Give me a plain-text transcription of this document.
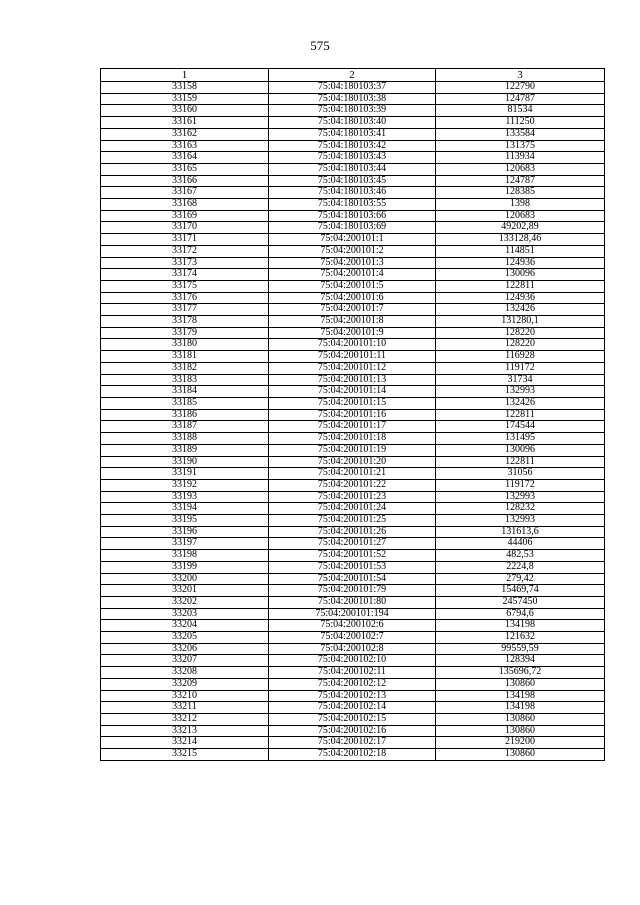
575
1	2	3
33158	75:04:180103:37	122790
33159	75:04:180103:38	124787
33160	75:04:180103:39	81534
33161	75:04:180103:40	111250
33162	75:04:180103:41	133584
33163	75:04:180103:42	131375
33164	75:04:180103:43	113934
33165	75:04:180103:44	120683
33166	75:04:180103:45	124787
33167	75:04:180103:46	128385
33168	75:04:180103:55	1398
33169	75:04:180103:66	120683
33170	75:04:180103:69	49202,89
33171	75:04:200101:1	133128,46
33172	75:04:200101:2	114851
33173	75:04:200101:3	124936
33174	75:04:200101:4	130096
33175	75:04:200101:5	122811
33176	75:04:200101:6	124936
33177	75:04:200101:7	132426
33178	75:04:200101:8	131280,1
33179	75:04:200101:9	128220
33180	75:04:200101:10	128220
33181	75:04:200101:11	116928
33182	75:04:200101:12	119172
33183	75:04:200101:13	31734
33184	75:04:200101:14	132993
33185	75:04:200101:15	132426
33186	75:04:200101:16	122811
33187	75:04:200101:17	174544
33188	75:04:200101:18	131495
33189	75:04:200101:19	130096
33190	75:04:200101:20	122811
33191	75:04:200101:21	31056
33192	75:04:200101:22	119172
33193	75:04:200101:23	132993
33194	75:04:200101:24	128232
33195	75:04:200101:25	132993
33196	75:04:200101:26	131613,6
33197	75:04:200101:27	44406
33198	75:04:200101:52	482,53
33199	75:04:200101:53	2224,8
33200	75:04:200101:54	279,42
33201	75:04:200101:79	15469,74
33202	75:04:200101:80	2457450
33203	75:04:200101:194	6794,6
33204	75:04:200102:6	134198
33205	75:04:200102:7	121632
33206	75:04:200102:8	99559,59
33207	75:04:200102:10	128394
33208	75:04:200102:11	135696,72
33209	75:04:200102:12	130860
33210	75:04:200102:13	134198
33211	75:04:200102:14	134198
33212	75:04:200102:15	130860
33213	75:04:200102:16	130860
33214	75:04:200102:17	219200
33215	75:04:200102:18	130860
